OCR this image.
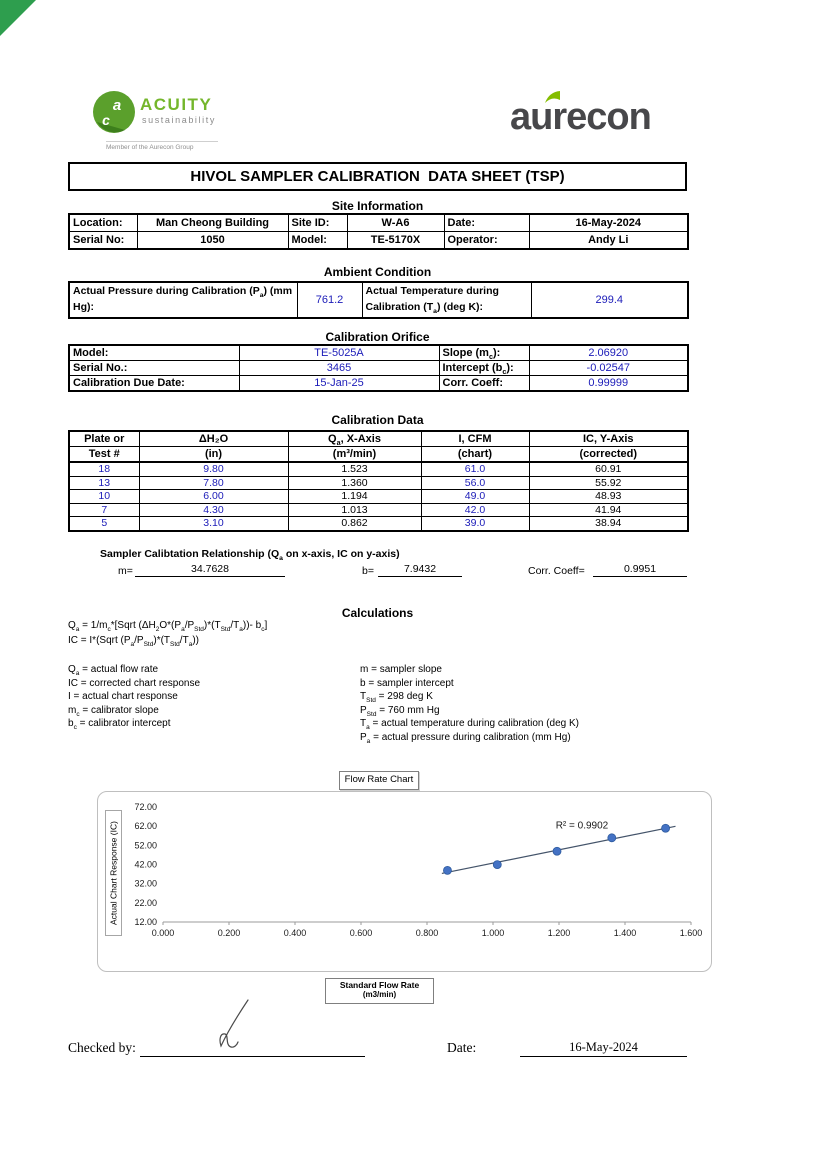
a
c
ACUITY
sustainability
Member of the Aurecon Group
aurecon
HIVOL SAMPLER CALIBRATION  DATA SHEET (TSP)
Site Information
Location:	Man Cheong Building	Site ID:	W-A6	Date:	16-May-2024
Serial No:	1050	Model:	TE-5170X	Operator:	Andy Li
Ambient Condition
Actual Pressure during Calibration $(P_a)$ (mm Hg):	761.2	Actual Temperature during Calibration $(T_a)$ (deg K):	299.4
Calibration Orifice
Model:	TE-5025A	Slope $(m_c)$:	2.06920
Serial No.:	3465	Intercept $(b_c)$:	-0.02547
Calibration Due Date:	15-Jan-25	Corr. Coeff:	0.99999
Calibration Data
Plate or	ΔH₂O	$Q_a$, X-Axis	I, CFM	IC, Y-Axis
Test #	(in)	(m³/min)	(chart)	(corrected)
18	9.80	1.523	61.0	60.91
13	7.80	1.360	56.0	55.92
10	6.00	1.194	49.0	48.93
7	4.30	1.013	42.0	41.94
5	3.10	0.862	39.0	38.94
Sampler Calibtation Relationship ($Q_a$ on x-axis, IC on y-axis)
m=	34.7628	b=	7.9432	Corr. Coeff=	0.9951
Calculations
$Q_a$ = $1/m_c*[Sqrt$ $(\Delta H_2O*(P_a/P_{Std})*(T_{Std}/T_a))-$ $b_c$]
IC = I*(Sqrt $(P_a/P_{Std})*(T_{Std}/T_a)$)
$Q_a$ = actual flow rate
IC = corrected chart response
I = actual chart response
$m_c$ = calibrator slope
$b_c$ = calibrator intercept
m = sampler slope
b = sampler intercept
$T_{Std} = 298$ deg K
$P_{Std} = 760$ mm Hg
$T_a$ = actual temperature during calibration (deg K)
$P_a$ = actual pressure during calibration (mm Hg)
Flow Rate Chart
Actual Chart Response (IC)
0.000	0.200	0.400	0.600	0.800	1.000	1.200	1.400	1.600
12.00
22.00
32.00
42.00
52.00
62.00
72.00
R² = 0.9902
Standard Flow Rate
(m3/min)
Checked by:	Date:	16-May-2024
